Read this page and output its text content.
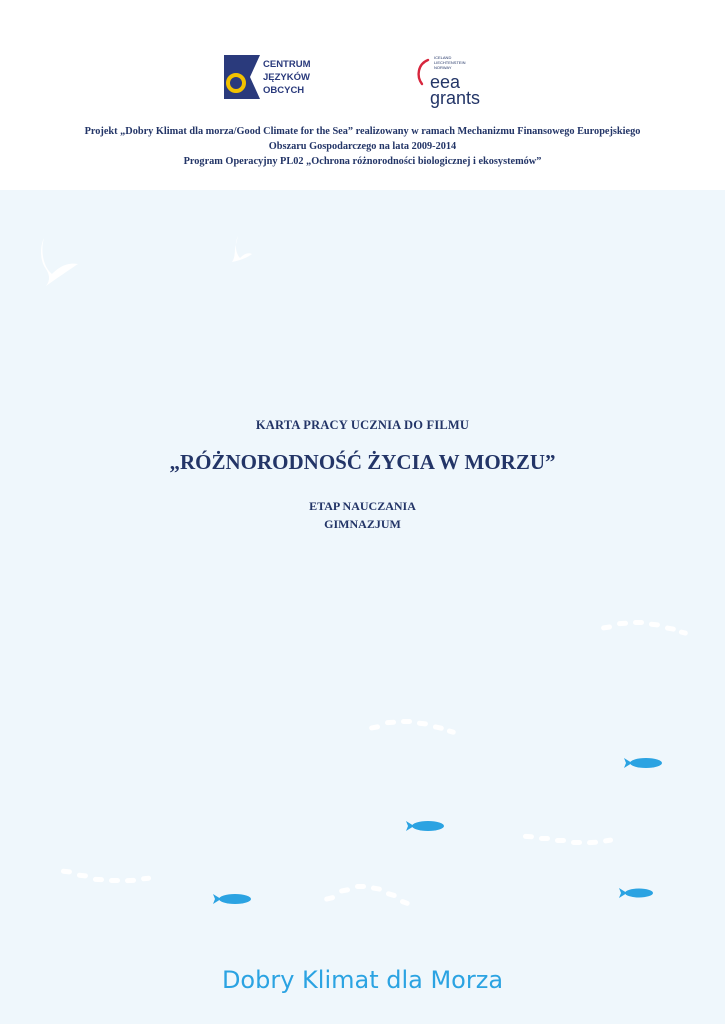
CENTRUM
JĘZYKÓW
OBCYCH
ICELAND
LIECHTENSTEIN
NORWAY
eea
grants
Projekt „Dobry Klimat dla morza/Good Climate for the Sea” realizowany w ramach Mechanizmu Finansowego Europejskiego
Obszaru Gospodarczego na lata 2009-2014
Program Operacyjny PL02 „Ochrona różnorodności biologicznej i ekosystemów”
KARTA PRACY UCZNIA DO FILMU
„RÓŻNORODNOŚĆ ŻYCIA W MORZU”
ETAP NAUCZANIA
GIMNAZJUM
Dobry Klimat dla Morza
